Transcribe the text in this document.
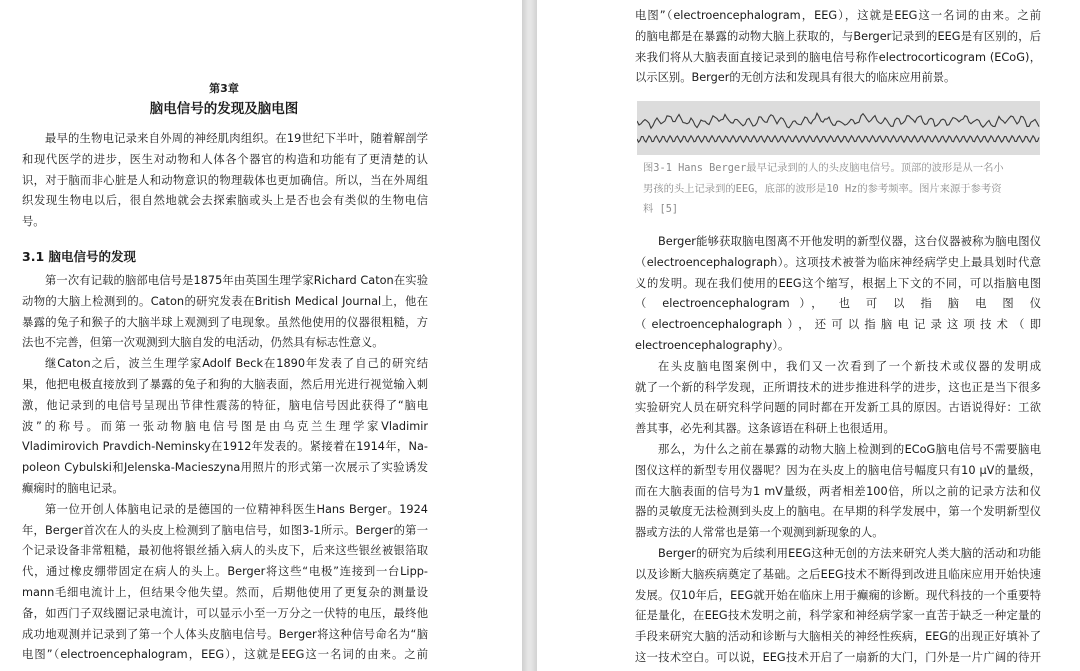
第3章
脑电信号的发现及脑电图
最早的生物电记录来自外周的神经肌肉组织。在19世纪下半叶，随着解剖学
和现代医学的进步，医生对动物和人体各个器官的构造和功能有了更清楚的认
识，对于脑而非心脏是人和动物意识的物理载体也更加确信。所以，当在外周组
织发现生物电以后，很自然地就会去探索脑或头上是否也会有类似的生物电信
号。
3.1 脑电信号的发现
第一次有记载的脑部电信号是1875年由英国生理学家Richard Caton在实验
动物的大脑上检测到的。Caton的研究发表在British Medical Journal上，他在
暴露的兔子和猴子的大脑半球上观测到了电现象。虽然他使用的仪器很粗糙，方
法也不完善，但第一次观测到大脑自发的电活动，仍然具有标志性意义。
继Caton之后，波兰生理学家Adolf Beck在1890年发表了自己的研究结
果，他把电极直接放到了暴露的兔子和狗的大脑表面，然后用光进行视觉输入刺
激，他记录到的电信号呈现出节律性震荡的特征，脑电信号因此获得了“脑电
波”的称号。而第一张动物脑电信号图是由乌克兰生理学家Vladimir
Vladimirovich Pravdich-Neminsky在1912年发表的。紧接着在1914年，Na-
poleon Cybulski和Jelenska-Macieszyna用照片的形式第一次展示了实验诱发
癫痫时的脑电记录。
第一位开创人体脑电记录的是德国的一位精神科医生Hans Berger。1924
年，Berger首次在人的头皮上检测到了脑电信号，如图3-1所示。Berger的第一
个记录设备非常粗糙，最初他将银丝插入病人的头皮下，后来这些银丝被银箔取
代，通过橡皮绷带固定在病人的头上。Berger将这些“电极”连接到一台Lipp-
mann毛细电流计上，但结果令他失望。然而，后期他使用了更复杂的测量设
备，如西门子双线圈记录电流计，可以显示小至一万分之一伏特的电压，最终他
成功地观测并记录到了第一个人体头皮脑电信号。Berger将这种信号命名为“脑
电图”（electroencephalogram，EEG），这就是EEG这一名词的由来。之前
电图”（electroencephalogram，EEG），这就是EEG这一名词的由来。之前
的脑电都是在暴露的动物大脑上获取的，与Berger记录到的EEG是有区别的，后
来我们将从大脑表面直接记录到的脑电信号称作electrocorticogram (ECoG)，
以示区别。Berger的无创方法和发现具有很大的临床应用前景。
图3-1 Hans Berger最早记录到的人的头皮脑电信号。顶部的波形是从一名小
男孩的头上记录到的EEG，底部的波形是10 Hz的参考频率。图片来源于参考资
料 [5]
Berger能够获取脑电图离不开他发明的新型仪器，这台仪器被称为脑电图仪
（electroencephalograph）。这项技术被誉为临床神经病学史上最具划时代意
义的发明。现在我们使用的EEG这个缩写，根据上下文的不同，可以指脑电图
（ electroencephalogram ）， 也 可 以 指 脑 电 图 仪
（electroencephalograph），还可以指脑电记录这项技术（即
electroencephalography）。
在头皮脑电图案例中，我们又一次看到了一个新技术或仪器的发明成
就了一个新的科学发现，正所谓技术的进步推进科学的进步，这也正是当下很多
实验研究人员在研究科学问题的同时都在开发新工具的原因。古语说得好：工欲
善其事，必先利其器。这条谚语在科研上也很适用。
那么，为什么之前在暴露的动物大脑上检测到的ECoG脑电信号不需要脑电
图仪这样的新型专用仪器呢？因为在头皮上的脑电信号幅度只有10 μV的量级，
而在大脑表面的信号为1 mV量级，两者相差100倍，所以之前的记录方法和仪
器的灵敏度无法检测到头皮上的脑电。在早期的科学发展中，第一个发明新型仪
器或方法的人常常也是第一个观测到新现象的人。
Berger的研究为后续利用EEG这种无创的方法来研究人类大脑的活动和功能
以及诊断大脑疾病奠定了基础。之后EEG技术不断得到改进且临床应用开始快速
发展。仅10年后，EEG就开始在临床上用于癫痫的诊断。现代科技的一个重要特
征是量化，在EEG技术发明之前，科学家和神经病学家一直苦于缺乏一种定量的
手段来研究大脑的活动和诊断与大脑相关的神经性疾病，EEG的出现正好填补了
这一技术空白。可以说，EEG技术开启了一扇新的大门，门外是一片广阔的待开
